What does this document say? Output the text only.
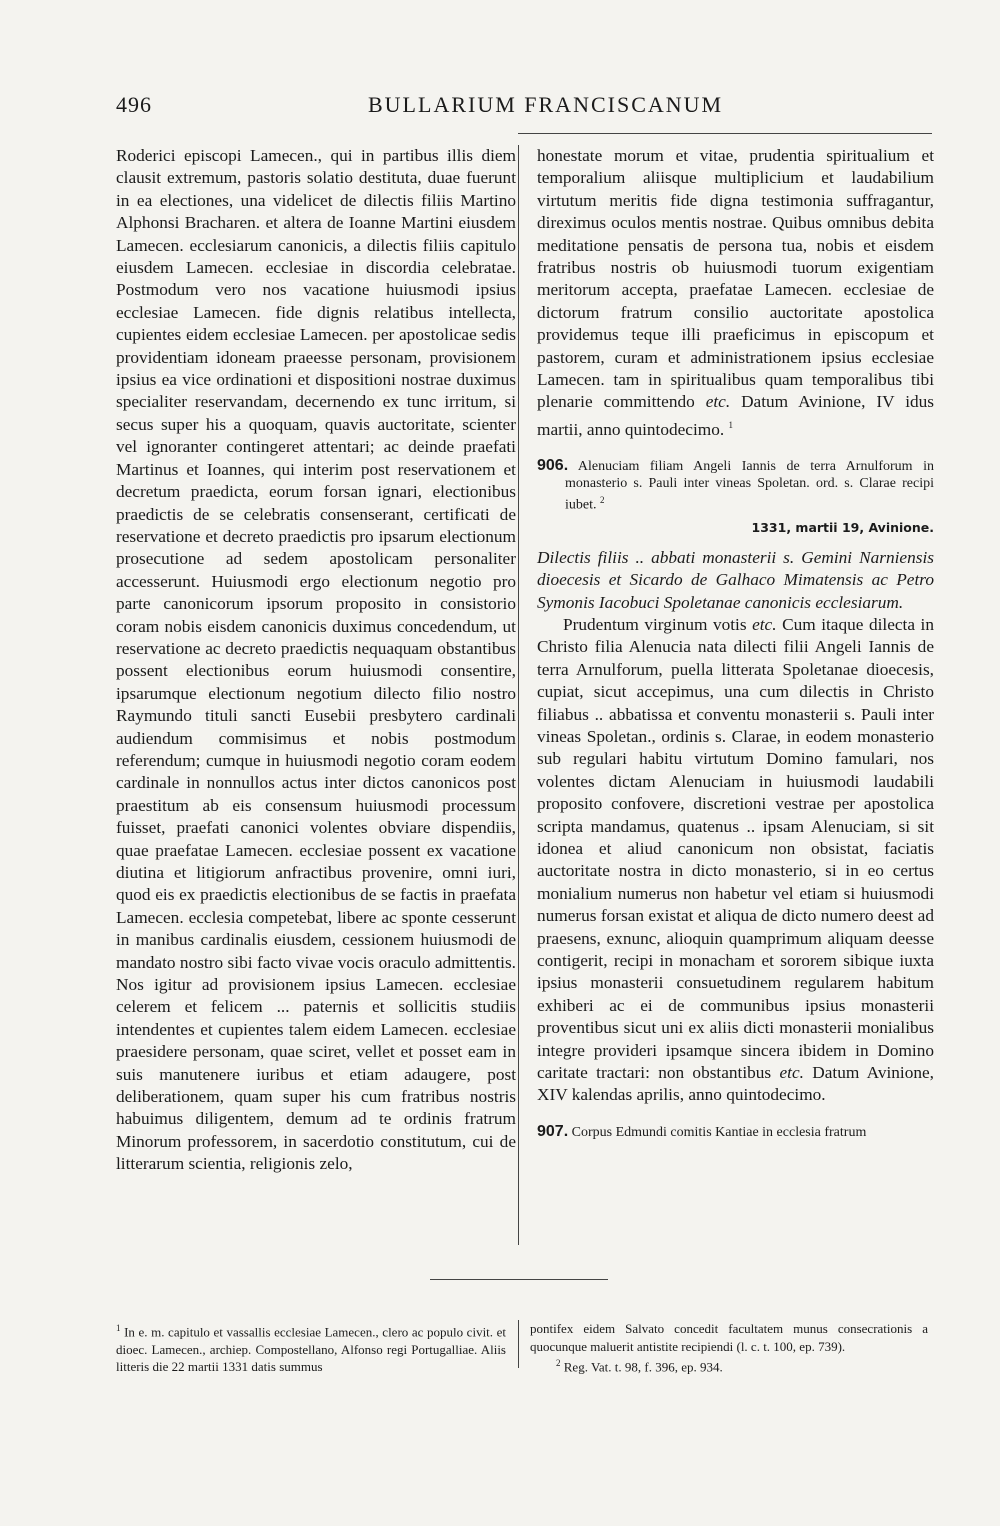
496	BULLARIUM FRANCISCANUM

Roderici episcopi Lamecen., qui in partibus illis diem clausit extremum, pastoris solatio destituta, duae fuerunt in ea electiones, una videlicet de dilectis filiis Martino Alphonsi Bracharen. et altera de Ioanne Martini eiusdem Lamecen. ecclesiarum canonicis, a dilectis filiis capitulo eiusdem Lamecen. ecclesiae in discordia celebratae. Postmodum vero nos vacatione huiusmodi ipsius ecclesiae Lamecen. fide dignis relatibus intellecta, cupientes eidem ecclesiae Lamecen. per apostolicae sedis providentiam idoneam praeesse personam, provisionem ipsius ea vice ordinationi et dispositioni nostrae duximus specialiter reservandam, decernendo ex tunc irritum, si secus super his a quoquam, quavis auctoritate, scienter vel ignoranter contingeret attentari; ac deinde praefati Martinus et Ioannes, qui interim post reservationem et decretum praedicta, eorum forsan ignari, electionibus praedictis de se celebratis consenserant, certificati de reservatione et decreto praedictis pro ipsarum electionum prosecutione ad sedem apostolicam personaliter accesserunt. Huiusmodi ergo electionum negotio pro parte canonicorum ipsorum proposito in consistorio coram nobis eisdem canonicis duximus concedendum, ut reservatione ac decreto praedictis nequaquam obstantibus possent electionibus eorum huiusmodi consentire, ipsarumque electionum negotium dilecto filio nostro Raymundo tituli sancti Eusebii presbytero cardinali audiendum commisimus et nobis postmodum referendum; cumque in huiusmodi negotio coram eodem cardinale in nonnullos actus inter dictos canonicos post praestitum ab eis consensum huiusmodi processum fuisset, praefati canonici volentes obviare dispendiis, quae praefatae Lamecen. ecclesiae possent ex vacatione diutina et litigiorum anfractibus provenire, omni iuri, quod eis ex praedictis electionibus de se factis in praefata Lamecen. ecclesia competebat, libere ac sponte cesserunt in manibus cardinalis eiusdem, cessionem huiusmodi de mandato nostro sibi facto vivae vocis oraculo admittentis. Nos igitur ad provisionem ipsius Lamecen. ecclesiae celerem et felicem ... paternis et sollicitis studiis intendentes et cupientes talem eidem Lamecen. ecclesiae praesidere personam, quae sciret, vellet et posset eam in suis manutenere iuribus et etiam adaugere, post deliberationem, quam super his cum fratribus nostris habuimus diligentem, demum ad te ordinis fratrum Minorum professorem, in sacerdotio constitutum, cui de litterarum scientia, religionis zelo,

honestate morum et vitae, prudentia spiritualium et temporalium aliisque multiplicium et laudabilium virtutum meritis fide digna testimonia suffragantur, direximus oculos mentis nostrae. Quibus omnibus debita meditatione pensatis de persona tua, nobis et eisdem fratribus nostris ob huiusmodi tuorum exigentiam meritorum accepta, praefatae Lamecen. ecclesiae de dictorum fratrum consilio auctoritate apostolica providemus teque illi praeficimus in episcopum et pastorem, curam et administrationem ipsius ecclesiae Lamecen. tam in spiritualibus quam temporalibus tibi plenarie committendo etc. Datum Avinione, IV idus martii, anno quintodecimo. $^1$

906. Alenuciam filiam Angeli Iannis de terra Arnulforum in monasterio s. Pauli inter vineas Spoletan. ord. s. Clarae recipi iubet. $^2$
1331, martii 19, Avinione.

Dilectis filiis .. abbati monasterii s. Gemini Narniensis dioecesis et Sicardo de Galhaco Mimatensis ac Petro Symonis Iacobuci Spoletanae canonicis ecclesiarum.

Prudentum virginum votis etc. Cum itaque dilecta in Christo filia Alenucia nata dilecti filii Angeli Iannis de terra Arnulforum, puella litterata Spoletanae dioecesis, cupiat, sicut accepimus, una cum dilectis in Christo filiabus .. abbatissa et conventu monasterii s. Pauli inter vineas Spoletan., ordinis s. Clarae, in eodem monasterio sub regulari habitu virtutum Domino famulari, nos volentes dictam Alenuciam in huiusmodi laudabili proposito confovere, discretioni vestrae per apostolica scripta mandamus, quatenus .. ipsam Alenuciam, si sit idonea et aliud canonicum non obsistat, faciatis auctoritate nostra in dicto monasterio, si in eo certus monialium numerus non habetur vel etiam si huiusmodi numerus forsan existat et aliqua de dicto numero deest ad praesens, exnunc, alioquin quamprimum aliquam deesse contigerit, recipi in monacham et sororem sibique iuxta ipsius monasterii consuetudinem regularem habitum exhiberi ac ei de communibus ipsius monasterii proventibus sicut uni ex aliis dicti monasterii monialibus integre provideri ipsamque sincera ibidem in Domino caritate tractari: non obstantibus etc. Datum Avinione, XIV kalendas aprilis, anno quintodecimo.

907. Corpus Edmundi comitis Kantiae in ecclesia fratrum

$^1$ In e. m. capitulo et vassallis ecclesiae Lamecen., clero ac populo civit. et dioec. Lamecen., archiep. Compostellano, Alfonso regi Portugalliae. Aliis litteris die 22 martii 1331 datis summus

pontifex eidem Salvato concedit facultatem munus consecrationis a quocunque maluerit antistite recipiendi (l. c. t. 100, ep. 739).

$^2$ Reg. Vat. t. 98, f. 396, ep. 934.
